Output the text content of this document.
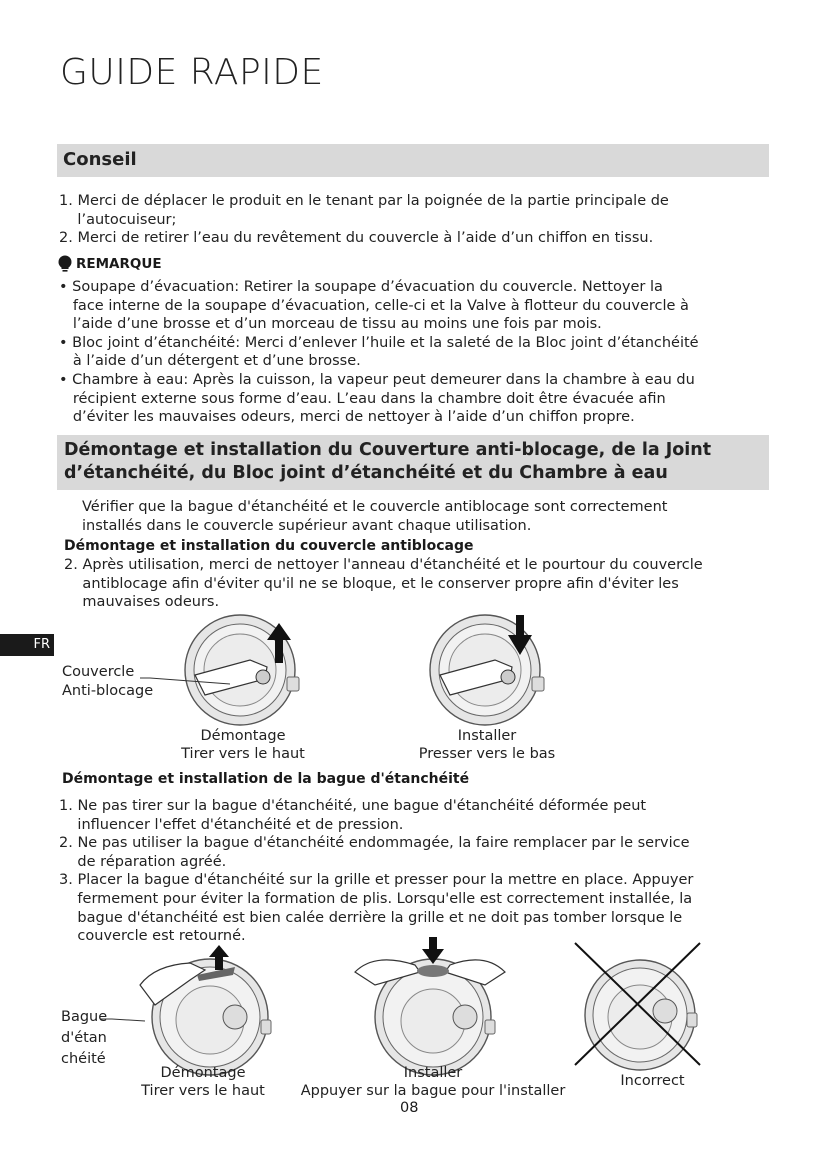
GUIDE RAPIDE
Conseil
1. Merci de déplacer le produit en le tenant par la poignée de la partie principale de
l’autocuiseur;
2. Merci de retirer l’eau du revêtement du couvercle à l’aide d’un chiffon en tissu.
REMARQUE
• Soupape d’évacuation: Retirer la soupape d’évacuation du couvercle. Nettoyer la
face interne de la soupape d’évacuation, celle-ci et la Valve à flotteur du couvercle à
l’aide d’une brosse et d’un morceau de tissu au moins une fois par mois.
• Bloc joint d’étanchéité: Merci d’enlever l’huile et la saleté de la Bloc joint d’étanchéité
à l’aide d’un détergent et d’une brosse.
• Chambre à eau: Après la cuisson, la vapeur peut demeurer dans la chambre à eau du
récipient externe sous forme d’eau. L’eau dans la chambre doit être évacuée afin
d’éviter les mauvaises odeurs, merci de nettoyer à l’aide d’un chiffon propre.
Démontage et installation du Couverture anti-blocage, de la Joint
d’étanchéité, du Bloc joint d’étanchéité et du Chambre à eau
Vérifier que la bague d'étanchéité et le couvercle antiblocage sont correctement
installés dans le couvercle supérieur avant chaque utilisation.
Démontage et installation du couvercle antiblocage
2. Après utilisation, merci de nettoyer l'anneau d'étanchéité et le pourtour du couvercle
antiblocage afin d'éviter qu'il ne se bloque, et le conserver propre afin d'éviter les
mauvaises odeurs.
FR
Couvercle
Anti-blocage
Démontage
Tirer vers le haut
Installer
Presser vers le bas
Démontage et installation de la bague d'étanchéité
1. Ne pas tirer sur la bague d'étanchéité, une bague d'étanchéité déformée peut
influencer l'effet d'étanchéité et de pression.
2. Ne pas utiliser la bague d'étanchéité endommagée, la faire remplacer par le service
de réparation agréé.
3. Placer la bague d'étanchéité sur la grille et presser pour la mettre en place. Appuyer
fermement pour éviter la formation de plis. Lorsqu'elle est correctement installée, la
bague d'étanchéité est bien calée derrière la grille et ne doit pas tomber lorsque le
couvercle est retourné.
Bague
d'étan
chéité
Démontage
Tirer vers le haut
Installer
Appuyer sur la bague pour l'installer
Incorrect
08
